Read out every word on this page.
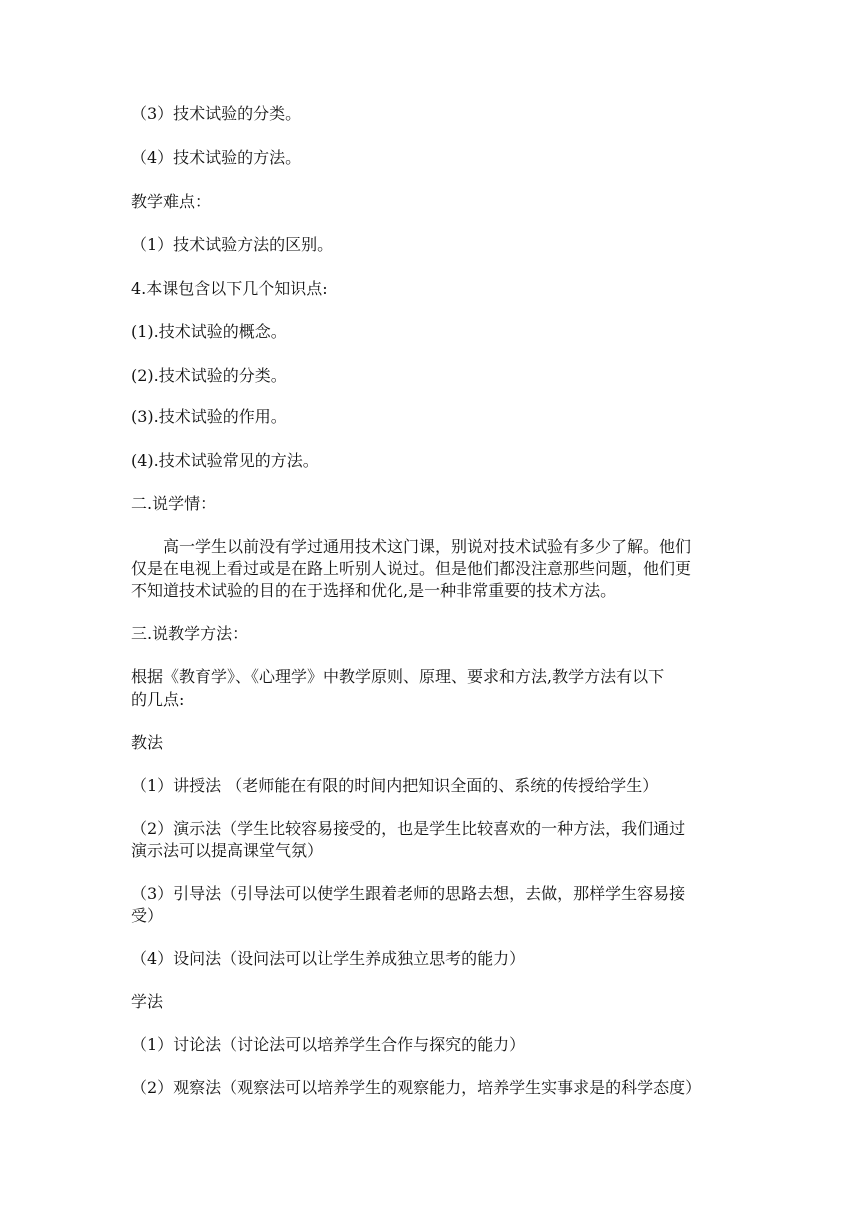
（3）技术试验的分类。
（4）技术试验的方法。
教学难点：
（1）技术试验方法的区别。
4.本课包含以下几个知识点:
(1).技术试验的概念。
(2).技术试验的分类。
(3).技术试验的作用。
(4).技术试验常见的方法。
二.说学情：
高一学生以前没有学过通用技术这门课，别说对技术试验有多少了解。他们
仅是在电视上看过或是在路上听别人说过。但是他们都没注意那些问题，他们更
不知道技术试验的目的在于选择和优化,是一种非常重要的技术方法。
三.说教学方法：
根据《教育学》、《心理学》中教学原则、原理、要求和方法,教学方法有以下
的几点:
教法
（1）讲授法 （老师能在有限的时间内把知识全面的、系统的传授给学生）
（2）演示法（学生比较容易接受的，也是学生比较喜欢的一种方法，我们通过
演示法可以提高课堂气氛）
（3）引导法（引导法可以使学生跟着老师的思路去想，去做，那样学生容易接
受）
（4）设问法（设问法可以让学生养成独立思考的能力）
学法
（1）讨论法（讨论法可以培养学生合作与探究的能力）
（2）观察法（观察法可以培养学生的观察能力，培养学生实事求是的科学态度）
